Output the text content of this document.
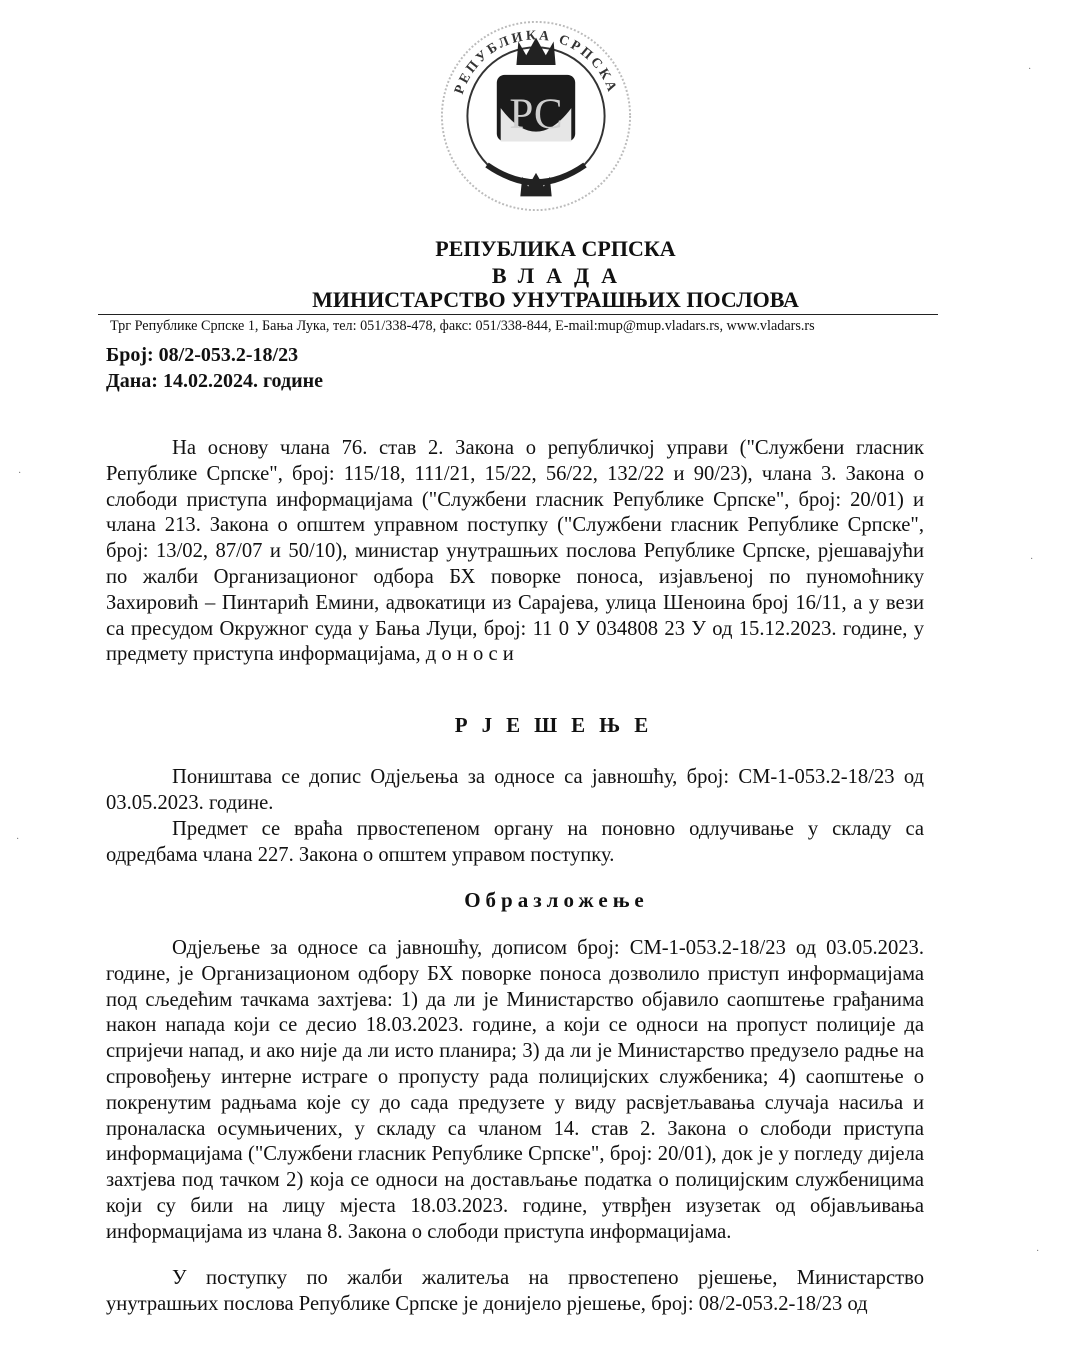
РС
РЕПУБЛИКА СРПСКА
РЕПУБЛИКА СРПСКА
ВЛАДА
МИНИСТАРСТВО УНУТРАШЊИХ ПОСЛОВА
Трг Републике Српске 1, Бања Лука, тел: 051/338-478, факс: 051/338-844, E-mail:mup@mup.vladars.rs, www.vladars.rs
Број: 08/2-053.2-18/23
Дана: 14.02.2024. године
На основу члана 76. став 2. Закона о републичкој управи ("Службени гласник Републике Српске", број: 115/18, 111/21, 15/22, 56/22, 132/22 и 90/23), члана 3. Закона о слободи приступа информацијама ("Службени гласник Републике Српске", број: 20/01) и члана 213. Закона о општем управном поступку ("Службени гласник Републике Српске", број: 13/02, 87/07 и 50/10), министар унутрашњих послова Републике Српске, рјешавајући по жалби Организационог одбора БХ поворке поноса, изјављеној по пуномоћнику Захировић – Пинтарић Емини, адвокатици из Сарајева, улица Шеноина број 16/11, а у вези са пресудом Окружног суда у Бањa Луци, број: 11 0 У 034808 23 У од 15.12.2023. године, у предмету приступа информацијама, д о н о с и
РЈЕШЕЊЕ
Поништава се допис Одјељења за односе са јавношћу, број: СМ-1-053.2-18/23 од 03.05.2023. године.
Предмет се враћа првостепеном органу на поновно одлучивање у складу са одредбама члана 227. Закона о општем управом поступку.
Образложење
Одјељење за односе са јавношћу, дописом број: СМ-1-053.2-18/23 од 03.05.2023. године, је Организационом одбору БХ поворке поноса дозволило приступ информацијама под сљедећим тачкама захтјева: 1) да ли је Министарство објавило саопштење грађанима након напада који се десио 18.03.2023. године, а који се односи на пропуст полиције да спријечи напад, и ако није да ли исто планира; 3) да ли је Министарство предузело радње на спровођењу интерне истраге о пропусту рада полицијских службеника; 4) саопштење о покренутим радњама које су до сада предузете у виду расвјетљавања случаја насиља и проналаска осумњичених, у складу са чланом 14. став 2. Закона о слободи приступа информацијама ("Службени гласник Републике Српске", број: 20/01), док је у погледу дијела захтјева под тачком 2) која се односи на достављање податка о полицијским службеницима који су били на лицу мјеста 18.03.2023. године, утврђен изузетак од објављивања информацијама из члана 8. Закона о слободи приступа информацијама.
У поступку по жалби жалитеља на првостепено рјешење, Министарство унутрашњих послова Републике Српске је донијело рјешење, број: 08/2-053.2-18/23 од
·
·
·
·
·
